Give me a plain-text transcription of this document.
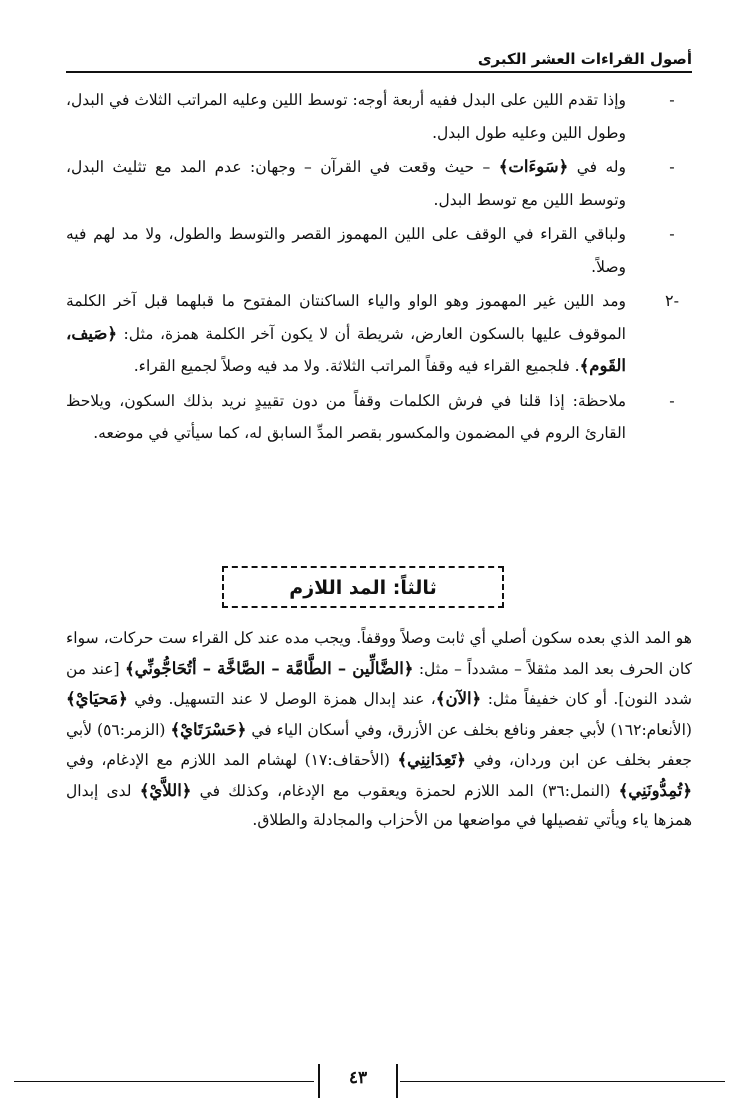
أصول القراءات العشر الكبرى
-
وإذا تقدم اللين على البدل ففيه أربعة أوجه: توسط اللين وعليه المراتب الثلاث في البدل، وطول اللين وعليه طول البدل.
-
وله في ﴿سَوءَات﴾ – حيث وقعت في القرآن – وجهان: عدم المد مع تثليث البدل، وتوسط اللين مع توسط البدل.
-
ولباقي القراء في الوقف على اللين المهموز القصر والتوسط والطول، ولا مد لهم فيه وصلاً.
-٢
ومد اللين غير المهموز وهو الواو والياء الساكنتان المفتوح ما قبلهما قبل آخر الكلمة الموقوف عليها بالسكون العارض، شريطة أن لا يكون آخر الكلمة همزة، مثل: ﴿صَيف، القَوم﴾. فلجميع القراء فيه وقفاً المراتب الثلاثة. ولا مد فيه وصلاً لجميع القراء.
-
ملاحظة: إذا قلنا في فرش الكلمات وقفاً من دون تقييدٍ نريد بذلك السكون، ويلاحظ القارئ الروم في المضمون والمكسور بقصر المدِّ السابق له، كما سيأتي في موضعه.
ثالثاً: المد اللازم
هو المد الذي بعده سكون أصلي أي ثابت وصلاً ووقفاً. ويجب مده عند كل القراء ست حركات، سواء كان الحرف بعد المد مثقلاً – مشدداً – مثل: ﴿الضَّالِّين – الطَّامَّة – الصَّاخَّة – أتُحَاجُّونِّي﴾ [عند من شدد النون]. أو كان خفيفاً مثل: ﴿الآن﴾، عند إبدال همزة الوصل لا عند التسهيل. وفي ﴿مَحيَايْ﴾ (الأنعام:١٦٢) لأبي جعفر ونافع بخلف عن الأزرق، وفي أسكان الياء في ﴿حَسْرَتَايْ﴾ (الزمر:٥٦) لأبي جعفر بخلف عن ابن وردان، وفي ﴿تَعِدَانِنِي﴾ (الأحقاف:١٧) لهشام المد اللازم مع الإدغام، وفي ﴿تُمِدُّونَنِي﴾ (النمل:٣٦) المد اللازم لحمزة ويعقوب مع الإدغام، وكذلك في ﴿اللاَّيْ﴾ لدى إبدال همزها ياء ويأتي تفصيلها في مواضعها من الأحزاب والمجادلة والطلاق.
٤٣
